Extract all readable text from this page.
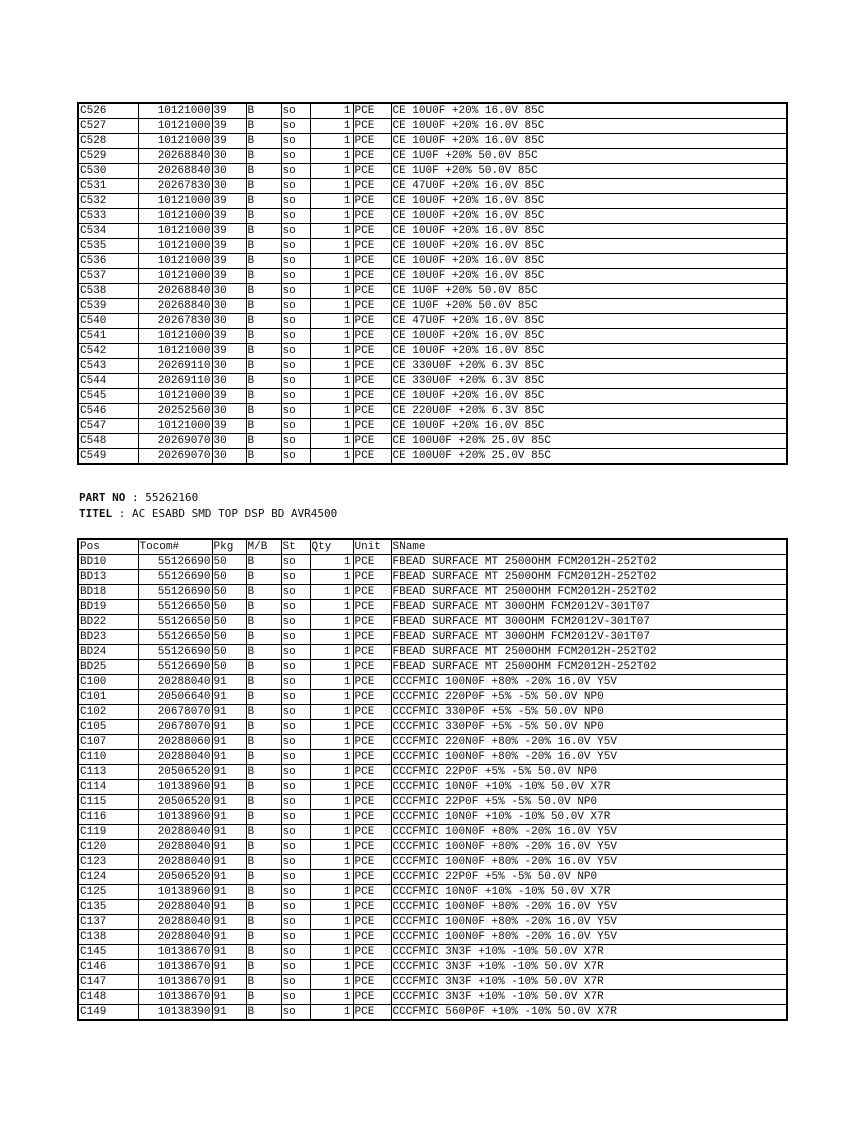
C526	10121000	39	B	so	1	PCE	CE 10U0F +20% 16.0V 85C
C527	10121000	39	B	so	1	PCE	CE 10U0F +20% 16.0V 85C
C528	10121000	39	B	so	1	PCE	CE 10U0F +20% 16.0V 85C
C529	20268840	30	B	so	1	PCE	CE 1U0F +20% 50.0V 85C
C530	20268840	30	B	so	1	PCE	CE 1U0F +20% 50.0V 85C
C531	20267830	30	B	so	1	PCE	CE 47U0F +20% 16.0V 85C
C532	10121000	39	B	so	1	PCE	CE 10U0F +20% 16.0V 85C
C533	10121000	39	B	so	1	PCE	CE 10U0F +20% 16.0V 85C
C534	10121000	39	B	so	1	PCE	CE 10U0F +20% 16.0V 85C
C535	10121000	39	B	so	1	PCE	CE 10U0F +20% 16.0V 85C
C536	10121000	39	B	so	1	PCE	CE 10U0F +20% 16.0V 85C
C537	10121000	39	B	so	1	PCE	CE 10U0F +20% 16.0V 85C
C538	20268840	30	B	so	1	PCE	CE 1U0F +20% 50.0V 85C
C539	20268840	30	B	so	1	PCE	CE 1U0F +20% 50.0V 85C
C540	20267830	30	B	so	1	PCE	CE 47U0F +20% 16.0V 85C
C541	10121000	39	B	so	1	PCE	CE 10U0F +20% 16.0V 85C
C542	10121000	39	B	so	1	PCE	CE 10U0F +20% 16.0V 85C
C543	20269110	30	B	so	1	PCE	CE 330U0F +20% 6.3V 85C
C544	20269110	30	B	so	1	PCE	CE 330U0F +20% 6.3V 85C
C545	10121000	39	B	so	1	PCE	CE 10U0F +20% 16.0V 85C
C546	20252560	30	B	so	1	PCE	CE 220U0F +20% 6.3V 85C
C547	10121000	39	B	so	1	PCE	CE 10U0F +20% 16.0V 85C
C548	20269070	30	B	so	1	PCE	CE 100U0F +20% 25.0V 85C
C549	20269070	30	B	so	1	PCE	CE 100U0F +20% 25.0V 85C
PART NO : 55262160
TITEL : AC ESABD SMD TOP DSP BD AVR4500
Pos	Tocom#	Pkg	M/B	St	Qty	Unit	SName
BD10	55126690	50	B	so	1	PCE	FBEAD SURFACE MT 2500OHM FCM2012H-252T02
BD13	55126690	50	B	so	1	PCE	FBEAD SURFACE MT 2500OHM FCM2012H-252T02
BD18	55126690	50	B	so	1	PCE	FBEAD SURFACE MT 2500OHM FCM2012H-252T02
BD19	55126650	50	B	so	1	PCE	FBEAD SURFACE MT 300OHM FCM2012V-301T07
BD22	55126650	50	B	so	1	PCE	FBEAD SURFACE MT 300OHM FCM2012V-301T07
BD23	55126650	50	B	so	1	PCE	FBEAD SURFACE MT 300OHM FCM2012V-301T07
BD24	55126690	50	B	so	1	PCE	FBEAD SURFACE MT 2500OHM FCM2012H-252T02
BD25	55126690	50	B	so	1	PCE	FBEAD SURFACE MT 2500OHM FCM2012H-252T02
C100	20288040	91	B	so	1	PCE	CCCFMIC 100N0F +80% -20% 16.0V Y5V
C101	20506640	91	B	so	1	PCE	CCCFMIC 220P0F +5% -5% 50.0V NP0
C102	20678070	91	B	so	1	PCE	CCCFMIC 330P0F +5% -5% 50.0V NP0
C105	20678070	91	B	so	1	PCE	CCCFMIC 330P0F +5% -5% 50.0V NP0
C107	20288060	91	B	so	1	PCE	CCCFMIC 220N0F +80% -20% 16.0V Y5V
C110	20288040	91	B	so	1	PCE	CCCFMIC 100N0F +80% -20% 16.0V Y5V
C113	20506520	91	B	so	1	PCE	CCCFMIC 22P0F +5% -5% 50.0V NP0
C114	10138960	91	B	so	1	PCE	CCCFMIC 10N0F +10% -10% 50.0V X7R
C115	20506520	91	B	so	1	PCE	CCCFMIC 22P0F +5% -5% 50.0V NP0
C116	10138960	91	B	so	1	PCE	CCCFMIC 10N0F +10% -10% 50.0V X7R
C119	20288040	91	B	so	1	PCE	CCCFMIC 100N0F +80% -20% 16.0V Y5V
C120	20288040	91	B	so	1	PCE	CCCFMIC 100N0F +80% -20% 16.0V Y5V
C123	20288040	91	B	so	1	PCE	CCCFMIC 100N0F +80% -20% 16.0V Y5V
C124	20506520	91	B	so	1	PCE	CCCFMIC 22P0F +5% -5% 50.0V NP0
C125	10138960	91	B	so	1	PCE	CCCFMIC 10N0F +10% -10% 50.0V X7R
C135	20288040	91	B	so	1	PCE	CCCFMIC 100N0F +80% -20% 16.0V Y5V
C137	20288040	91	B	so	1	PCE	CCCFMIC 100N0F +80% -20% 16.0V Y5V
C138	20288040	91	B	so	1	PCE	CCCFMIC 100N0F +80% -20% 16.0V Y5V
C145	10138670	91	B	so	1	PCE	CCCFMIC 3N3F +10% -10% 50.0V X7R
C146	10138670	91	B	so	1	PCE	CCCFMIC 3N3F +10% -10% 50.0V X7R
C147	10138670	91	B	so	1	PCE	CCCFMIC 3N3F +10% -10% 50.0V X7R
C148	10138670	91	B	so	1	PCE	CCCFMIC 3N3F +10% -10% 50.0V X7R
C149	10138390	91	B	so	1	PCE	CCCFMIC 560P0F +10% -10% 50.0V X7R
